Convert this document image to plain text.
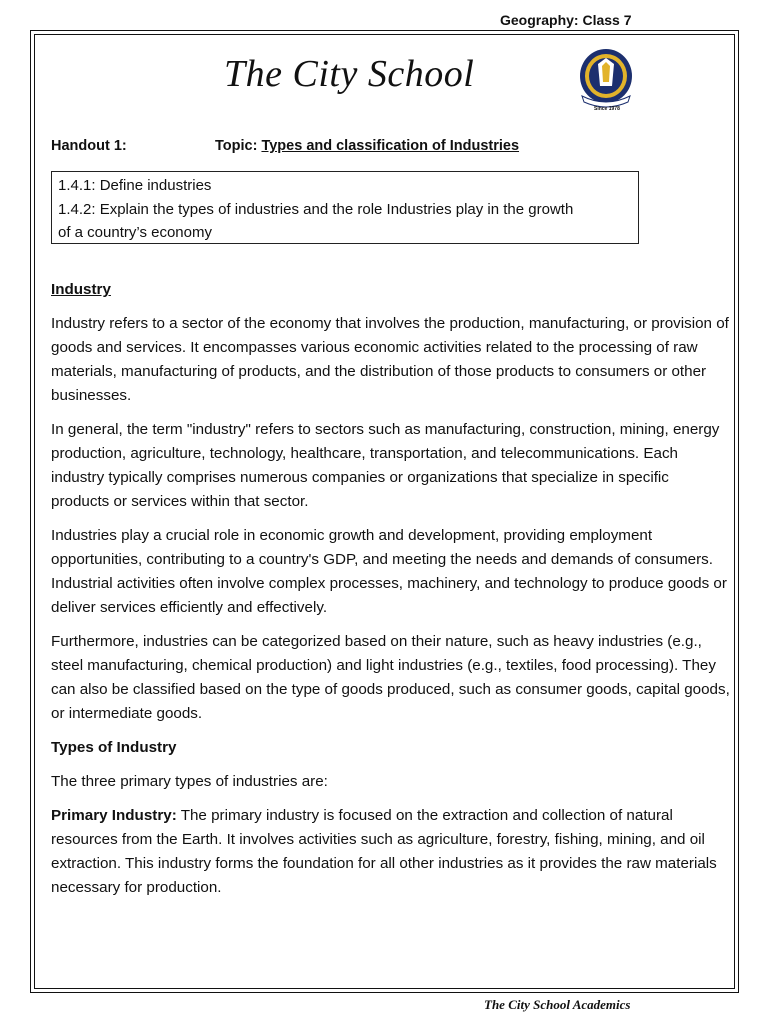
Geography: Class 7
The City School
Since 1978
Handout 1:	Topic: Types and classification of Industries
1.4.1: Define industries
1.4.2: Explain the types of industries and the role Industries play in the growth
of a country’s economy
Industry

Industry refers to a sector of the economy that involves the production, manufacturing, or provision of goods and services. It encompasses various economic activities related to the processing of raw materials, manufacturing of products, and the distribution of those products to consumers or other businesses.

In general, the term "industry" refers to sectors such as manufacturing, construction, mining, energy production, agriculture, technology, healthcare, transportation, and telecommunications. Each industry typically comprises numerous companies or organizations that specialize in specific products or services within that sector.

Industries play a crucial role in economic growth and development, providing employment opportunities, contributing to a country's GDP, and meeting the needs and demands of consumers. Industrial activities often involve complex processes, machinery, and technology to produce goods or deliver services efficiently and effectively.

Furthermore, industries can be categorized based on their nature, such as heavy industries (e.g., steel manufacturing, chemical production) and light industries (e.g., textiles, food processing). They can also be classified based on the type of goods produced, such as consumer goods, capital goods, or intermediate goods.

Types of Industry

The three primary types of industries are:

Primary Industry: The primary industry is focused on the extraction and collection of natural resources from the Earth. It involves activities such as agriculture, forestry, fishing, mining, and oil extraction. This industry forms the foundation for all other industries as it provides the raw materials necessary for production.

The City School Academics
